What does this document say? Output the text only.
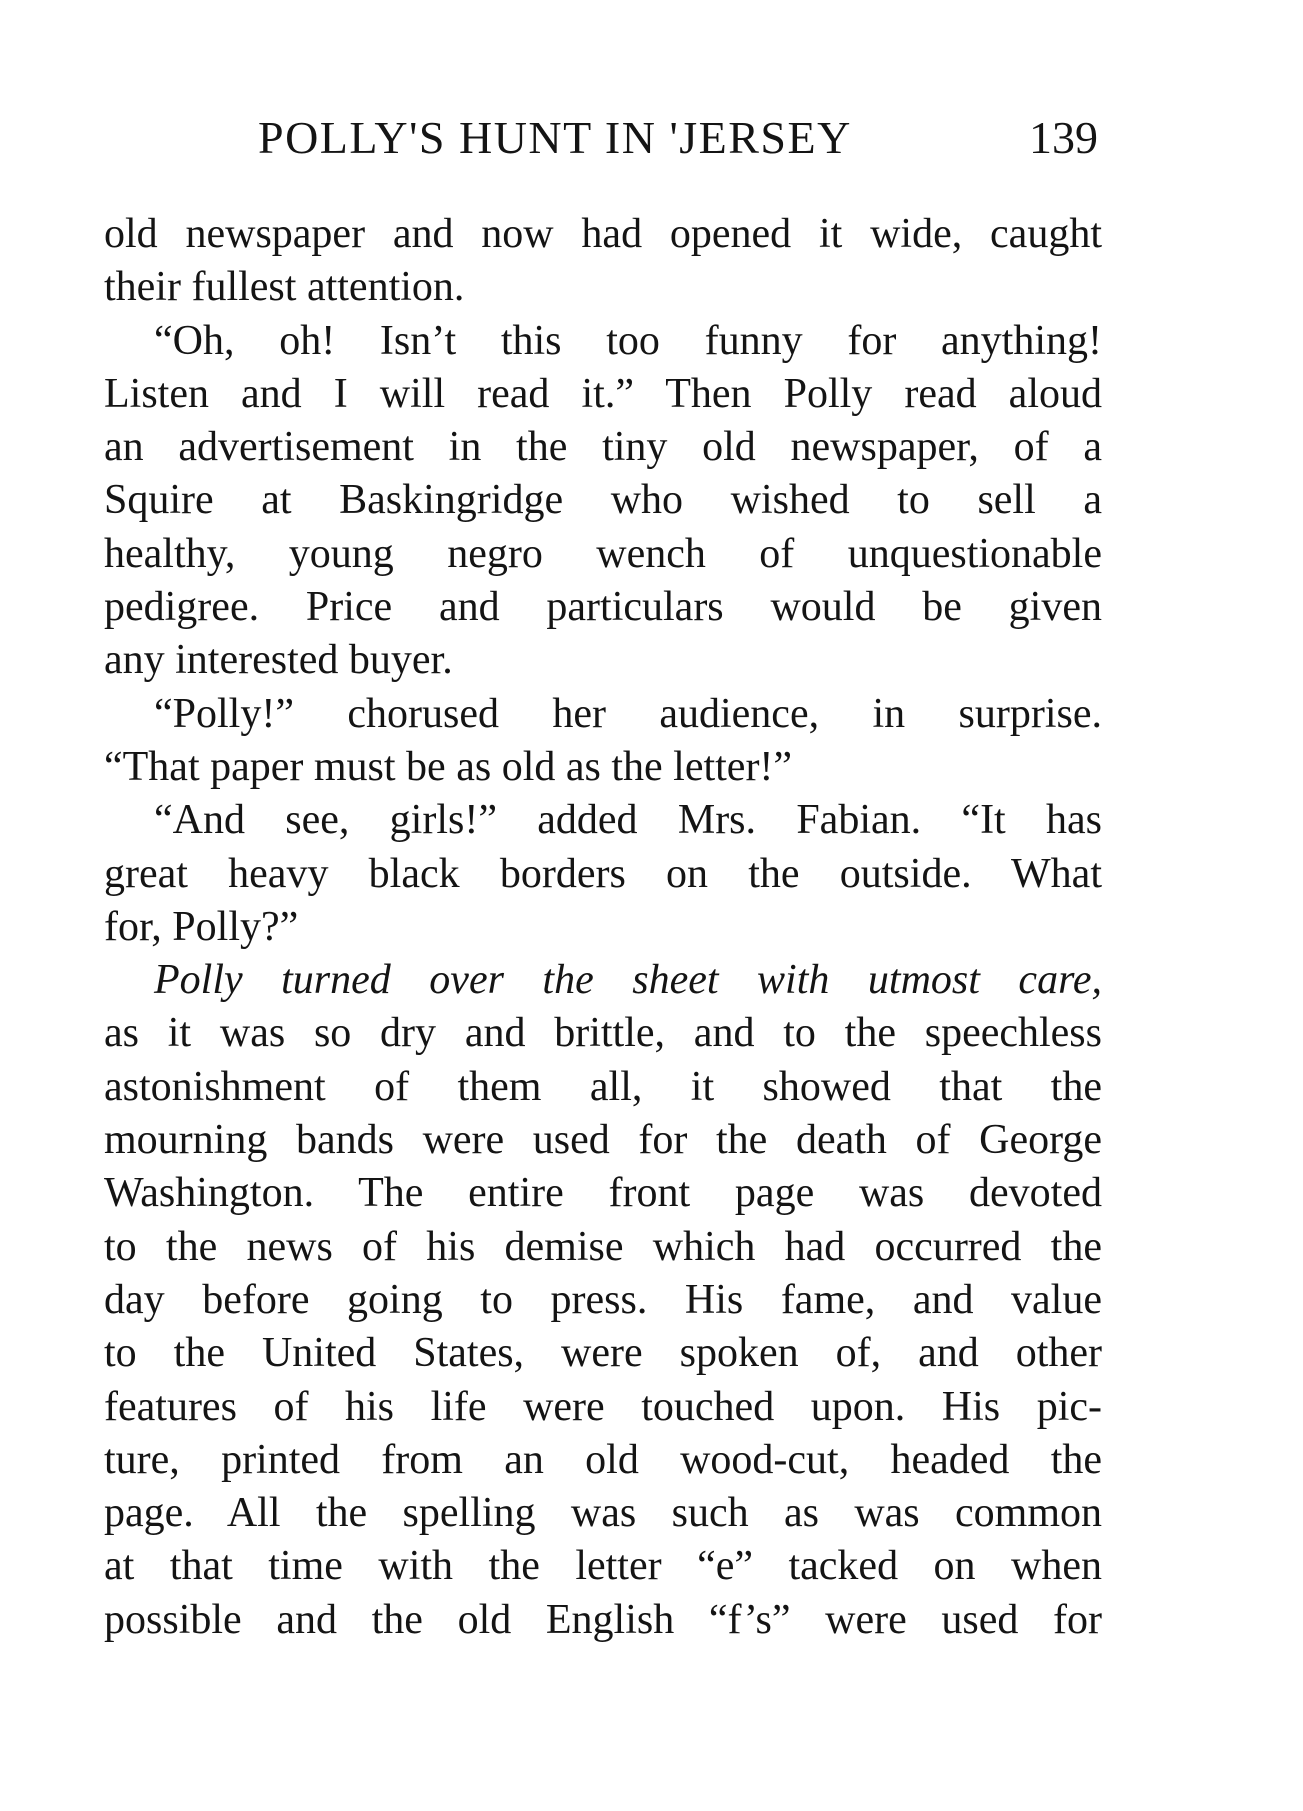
POLLY'S HUNT IN 'JERSEY	139
old newspaper and now had opened it wide, caught
their fullest attention.
“Oh, oh! Isn’t this too funny for anything!
Listen and I will read it.” Then Polly read aloud
an advertisement in the tiny old newspaper, of a
Squire at Baskingridge who wished to sell a
healthy, young negro wench of unquestionable
pedigree. Price and particulars would be given
any interested buyer.
“Polly!” chorused her audience, in surprise.
“That paper must be as old as the letter!”
“And see, girls!” added Mrs. Fabian. “It has
great heavy black borders on the outside. What
for, Polly?”
Polly turned over the sheet with utmost care,
as it was so dry and brittle, and to the speechless
astonishment of them all, it showed that the
mourning bands were used for the death of George
Washington. The entire front page was devoted
to the news of his demise which had occurred the
day before going to press. His fame, and value
to the United States, were spoken of, and other
features of his life were touched upon. His pic-
ture, printed from an old wood-cut, headed the
page. All the spelling was such as was common
at that time with the letter “e” tacked on when
possible and the old English “f’s” were used for
